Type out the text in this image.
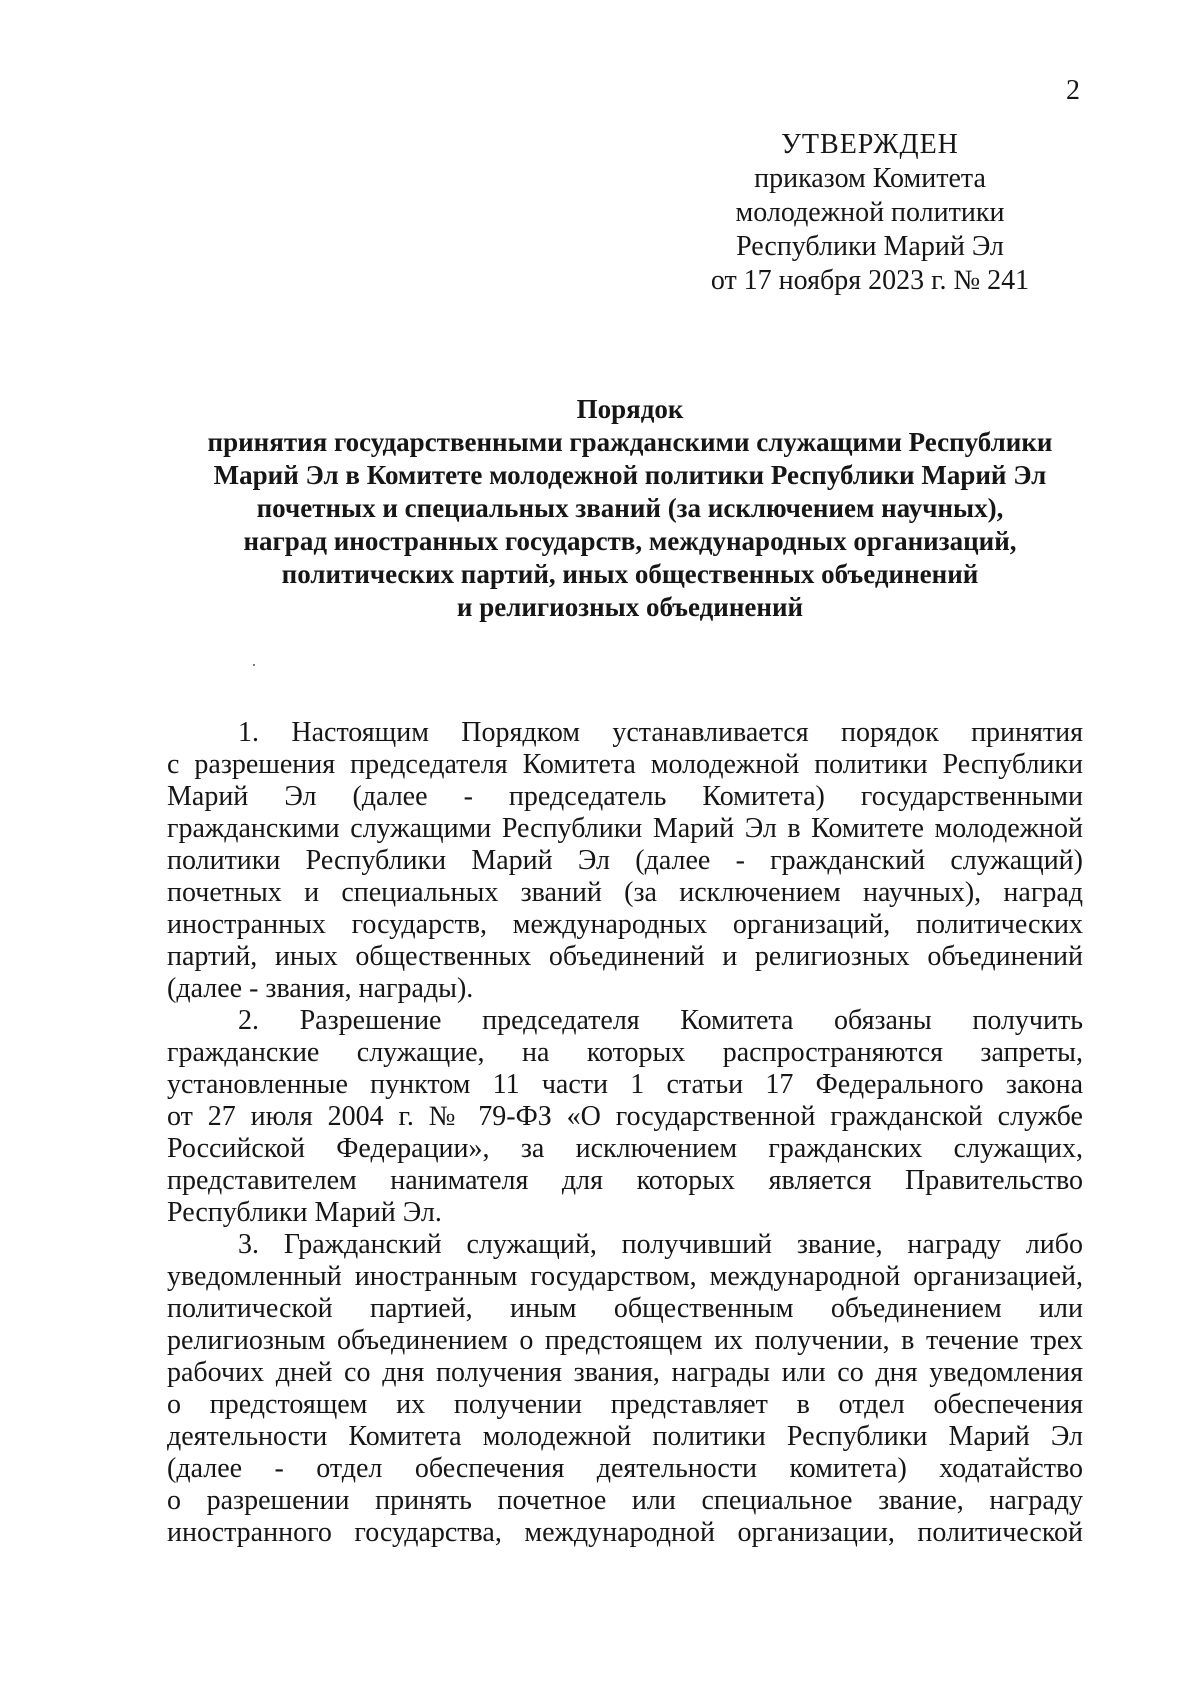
2
УТВЕРЖДЕН
приказом Комитета
молодежной политики
Республики Марий Эл
от 17 ноября 2023 г. № 241
Порядок
принятия государственными гражданскими служащими Республики
Марий Эл в Комитете молодежной политики Республики Марий Эл
почетных и специальных званий (за исключением научных),
наград иностранных государств, международных организаций,
политических партий, иных общественных объединений
и религиозных объединений
1. Настоящим Порядком устанавливается порядок принятия
с разрешения председателя Комитета молодежной политики Республики
Марий Эл (далее - председатель Комитета) государственными
гражданскими служащими Республики Марий Эл в Комитете молодежной
политики Республики Марий Эл (далее - гражданский служащий)
почетных и специальных званий (за исключением научных), наград
иностранных государств, международных организаций, политических
партий, иных общественных объединений и религиозных объединений
(далее - звания, награды).
2. Разрешение председателя Комитета обязаны получить
гражданские служащие, на которых распространяются запреты,
установленные пунктом 11 части 1 статьи 17 Федерального закона
от 27 июля 2004 г. № 79-ФЗ «О государственной гражданской службе
Российской Федерации», за исключением гражданских служащих,
представителем нанимателя для которых является Правительство
Республики Марий Эл.
3. Гражданский служащий, получивший звание, награду либо
уведомленный иностранным государством, международной организацией,
политической партией, иным общественным объединением или
религиозным объединением о предстоящем их получении, в течение трех
рабочих дней со дня получения звания, награды или со дня уведомления
о предстоящем их получении представляет в отдел обеспечения
деятельности Комитета молодежной политики Республики Марий Эл
(далее - отдел обеспечения деятельности комитета) ходатайство
о разрешении принять почетное или специальное звание, награду
иностранного государства, международной организации, политической
